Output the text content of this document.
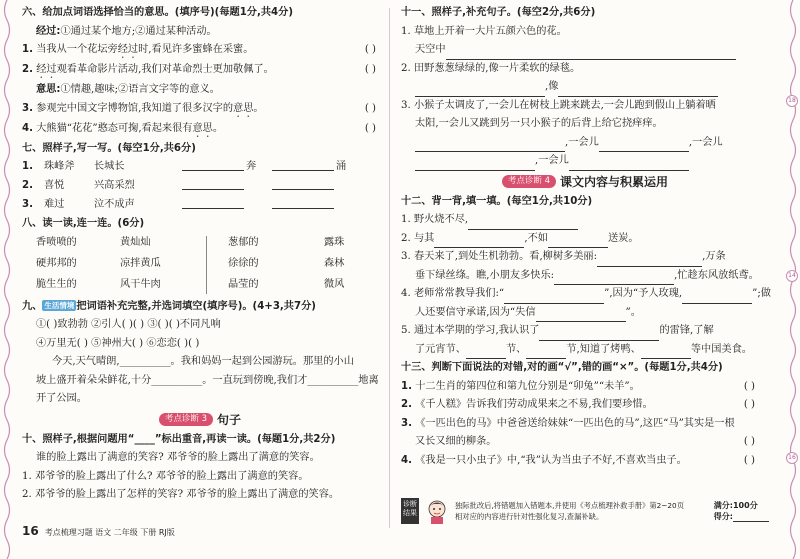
18
14
16
六、给加点词语选择恰当的意思。(填序号)(每题1分,共4分)
经过:①通过某个地方;②通过某种活动。
1. 当我从一个花坛旁经过时,看见许多蜜蜂在采蜜。	( )
2. 经过观看革命影片活动,我们对革命烈士更加敬佩了。	( )
意思:①情趣,趣味;②语言文字等的意义。
3. 参观完中国文字博物馆,我知道了很多汉字的意思。	( )
4. 大熊猫“花花”憨态可掬,看起来很有意思。	( )
七、照样子,写一写。(每空1分,共6分)
1. 珠峰斧 长城长	奔	涌
2. 喜悦	兴高采烈
3. 难过	泣不成声
八、读一读,连一连。(6分)
香喷喷的
硬邦邦的
脆生生的
黄灿灿
凉拌黄瓜
风干牛肉
葱郁的
徐徐的
晶莹的
露珠
森林
微风
九、 生活情境 把词语补充完整,并选词填空(填序号)。(4+3,共7分)
①( )致勃勃 ②引人( )( ) ③( )( )不同凡响
④万里无( ) ⑤神州大( ) ⑥恋恋( )( )
今天,天气晴朗,__________。我和妈妈一起到公园游玩。那里的小山
坡上盛开着朵朵鲜花,十分__________。一直玩到傍晚,我们才__________地离
开了公园。
考点诊断 3 句子
十、照样子,根据问题用“____”标出重音,再读一读。(每题1分,共2分)
谁的脸上露出了满意的笑容? 邓爷爷的脸上露出了满意的笑容。
1. 邓爷爷的脸上露出了什么? 邓爷爷的脸上露出了满意的笑容。
2. 邓爷爷的脸上露出了怎样的笑容? 邓爷爷的脸上露出了满意的笑容。
16 考点梳理习题 语文 二年级 下册 RJ版
十一、照样子,补充句子。(每空2分,共6分)
1. 草地上开着一大片五颜六色的花。
天空中
2. 田野葱葱绿绿的,像一片柔软的绿毯。
,像
3. 小猴子太调皮了,一会儿在树枝上跳来跳去,一会儿跑到假山上躺着晒
太阳,一会儿又跳到另一只小猴子的后背上给它挠痒痒。
,一会儿	,一会儿
,一会儿
考点诊断 4 课文内容与积累运用
十二、背一背,填一填。(每空1分,共10分)
1. 野火烧不尽,
2. 与其	,不如	送炭。
3. 春天来了,到处生机勃勃。看,柳树多美丽:	,万条
垂下绿丝绦。瞧,小朋友多快乐:	,忙趁东风放纸鸢。
4. 老师常常教导我们:“	”,因为“予人玫瑰,	”;做
人还要信守承诺,因为“失信	”。
5. 通过本学期的学习,我认识了	的雷锋,了解
了元宵节、	节、	节,知道了烤鸭、	等中国美食。
十三、判断下面说法的对错,对的画“√”,错的画“×”。(每题1分,共4分)
1. 十二生肖的第四位和第九位分别是“卯兔”“未羊”。	( )
2. 《千人糕》告诉我们劳动成果来之不易,我们要珍惜。	( )
3. 《一匹出色的马》中爸爸送给妹妹“一匹出色的马”,这匹“马”其实是一根
又长又细的柳条。	( )
4. 《我是一只小虫子》中,“我”认为当虫子不好,不喜欢当虫子。	( )
诊断结果
独际批改后,将错题加入错题本,并使用《考点梳理补救手册》第2~20页
相对应的内容进行针对性强化复习,查漏补缺。
满分:100分
得分:
